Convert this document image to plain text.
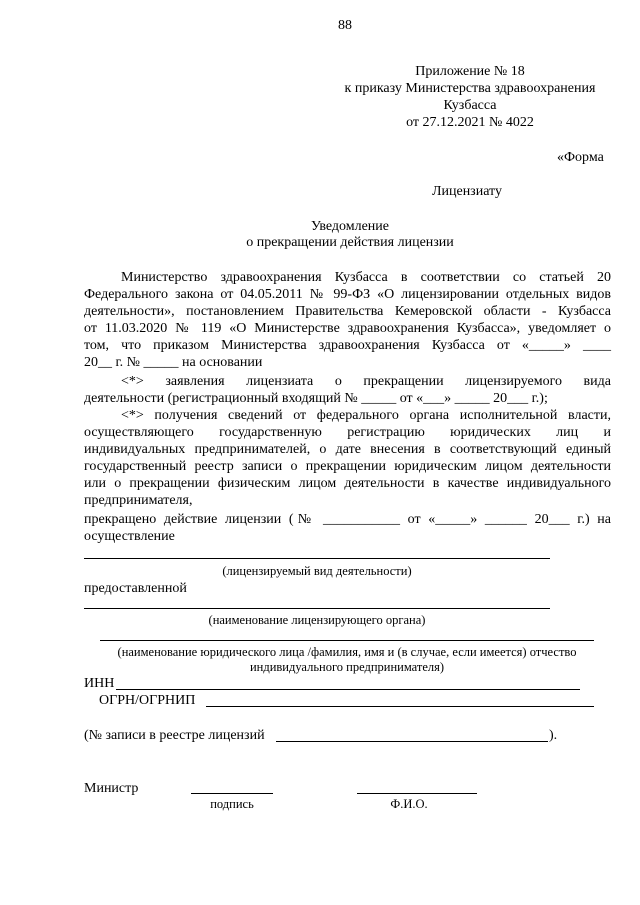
88
Приложение № 18
к приказу Министерства здравоохранения
Кузбасса
от 27.12.2021 № 4022
«Форма
Лицензиату
Уведомление
о прекращении действия лицензии
Министерство здравоохранения Кузбасса в соответствии со статьей 20
Федерального закона от 04.05.2011 № 99-ФЗ «О лицензировании отдельных видов
деятельности», постановлением Правительства Кемеровской области - Кузбасса
от 11.03.2020 № 119 «О Министерстве здравоохранения Кузбасса», уведомляет о
том, что приказом Министерства здравоохранения Кузбасса от «_____» ____
20__ г. № _____ на основании
<*> заявления лицензиата о прекращении лицензируемого вида
деятельности (регистрационный входящий № _____ от «___» _____ 20___ г.);
<*> получения сведений от федерального органа исполнительной власти,
осуществляющего государственную регистрацию юридических лиц и
индивидуальных предпринимателей, о дате внесения в соответствующий единый
государственный реестр записи о прекращении юридическим лицом деятельности
или о прекращении физическим лицом деятельности в качестве индивидуального
предпринимателя,
прекращено действие лицензии (№ ___________ от «_____» ______ 20___ г.) на
осуществление
(лицензируемый вид деятельности)
предоставленной
(наименование лицензирующего органа)
(наименование юридического лица /фамилия, имя и (в случае, если имеется) отчество
индивидуального предпринимателя)
ИНН
ОГРН/ОГРНИП
(№ записи в реестре лицензий	).
Министр
подпись	Ф.И.О.
